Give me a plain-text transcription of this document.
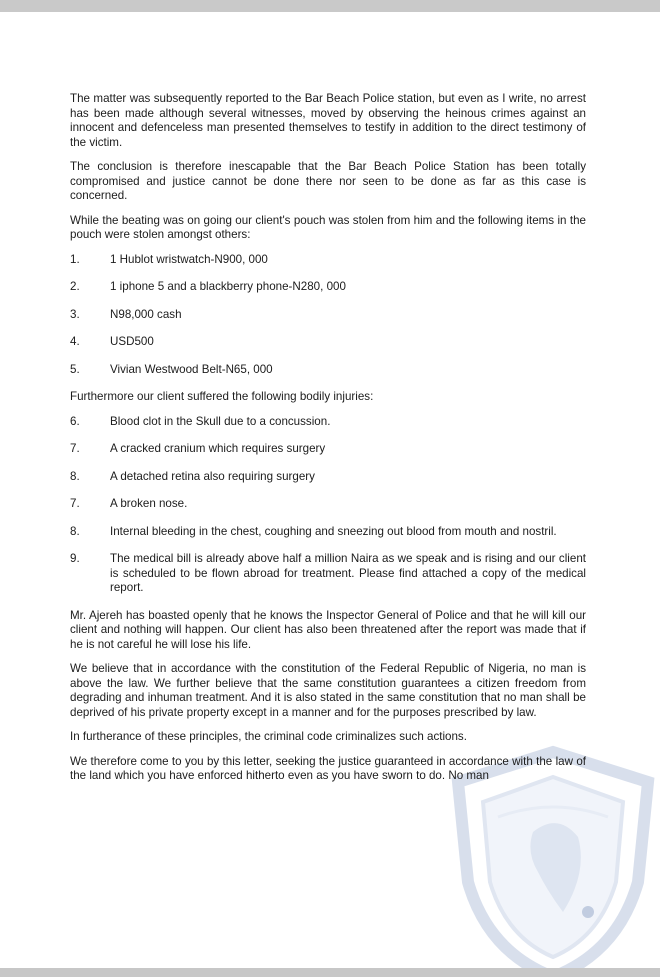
The matter was subsequently reported to the Bar Beach Police station, but even as I write, no arrest has been made although several witnesses, moved by observing the heinous crimes against an innocent and defenceless man presented themselves to testify in addition to the direct testimony of the victim.

The conclusion is therefore inescapable that the Bar Beach Police Station has been totally compromised and justice cannot be done there nor seen to be done as far as this case is concerned.

While the beating was on going our client's pouch was stolen from him and the following items in the pouch were stolen amongst others:

1.	1 Hublot wristwatch-N900, 000
2.	1 iphone 5 and a blackberry phone-N280, 000
3.	N98,000 cash
4.	USD500
5.	Vivian Westwood Belt-N65, 000

Furthermore our client suffered the following bodily injuries:

6.	Blood clot in the Skull due to a concussion.
7.	A cracked cranium which requires surgery
8.	A detached retina also requiring surgery
7.	A broken nose.
8.	Internal bleeding in the chest, coughing and sneezing out blood from mouth and nostril.
9.	The medical bill is already above half a million Naira as we speak and is rising and our client is scheduled to be flown abroad for treatment. Please find attached a copy of the medical report.

Mr. Ajereh has boasted openly that he knows the Inspector General of Police and that he will kill our client and nothing will happen. Our client has also been threatened after the report was made that if he is not careful he will lose his life.

We believe that in accordance with the constitution of the Federal Republic of Nigeria, no man is above the law. We further believe that the same constitution guarantees a citizen freedom from degrading and inhuman treatment. And it is also stated in the same constitution that no man shall be deprived of his private property except in a manner and for the purposes prescribed by law.

In furtherance of these principles, the criminal code criminalizes such actions.

We therefore come to you by this letter, seeking the justice guaranteed in accordance with the law of the land which you have enforced hitherto even as you have sworn to do. No man
